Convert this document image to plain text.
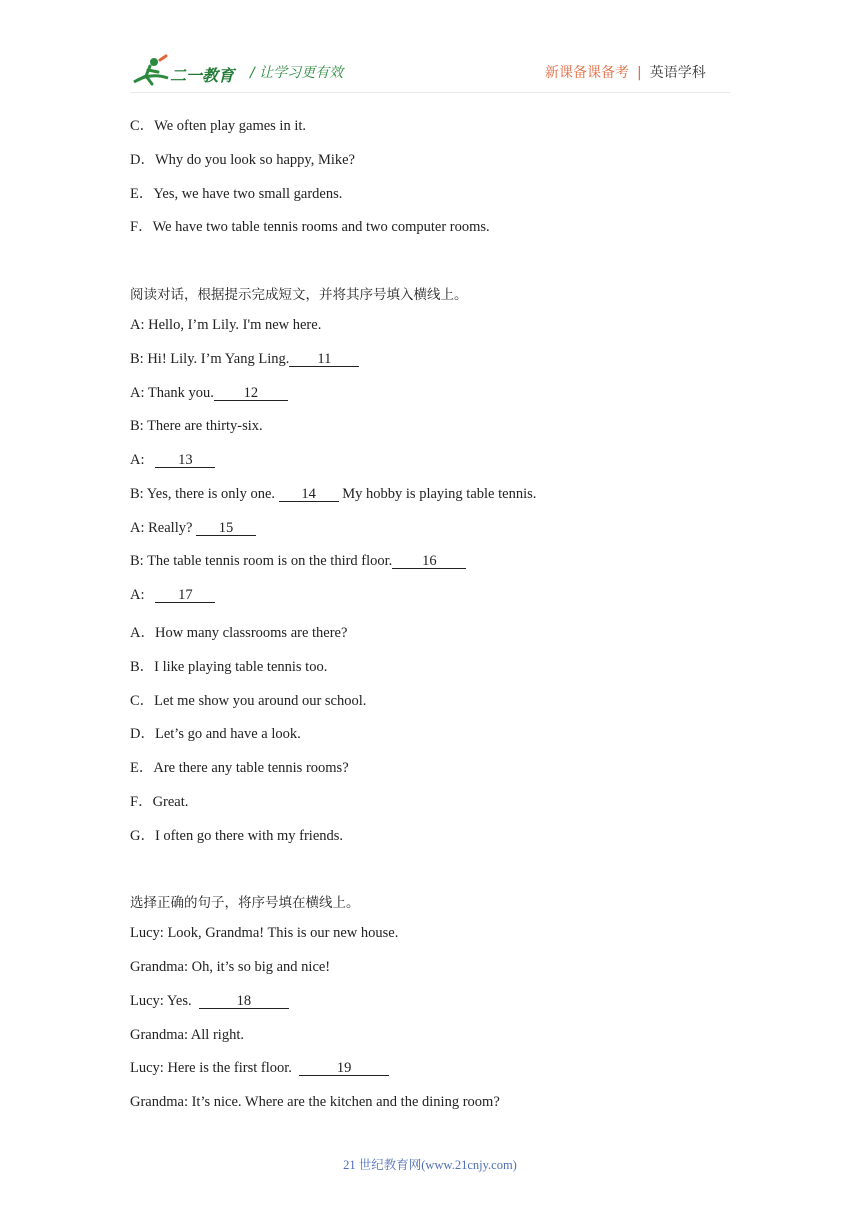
二一教育 / 让学习更有效	新课备课备考 | 英语学科
C．We often play games in it.
D．Why do you look so happy, Mike?
E．Yes, we have two small gardens.
F．We have two table tennis rooms and two computer rooms.
阅读对话，根据提示完成短文，并将其序号填入横线上。
A: Hello, I’m Lily. I'm new here.
B: Hi! Lily. I’m Yang Ling. 11
A: Thank you. 12
B: There are thirty-six.
A:   13
B: Yes, there is only one. 14 My hobby is playing table tennis.
A: Really? 15
B: The table tennis room is on the third floor. 16
A:   17
A．How many classrooms are there?
B．I like playing table tennis too.
C．Let me show you around our school.
D．Let’s go and have a look.
E．Are there any table tennis rooms?
F．Great.
G．I often go there with my friends.
选择正确的句子，将序号填在横线上。
Lucy: Look, Grandma! This is our new house.
Grandma: Oh, it’s so big and nice!
Lucy: Yes.	18
Grandma: All right.
Lucy: Here is the first floor.	19
Grandma: It’s nice. Where are the kitchen and the dining room?
21 世纪教育网(www.21cnjy.com)
